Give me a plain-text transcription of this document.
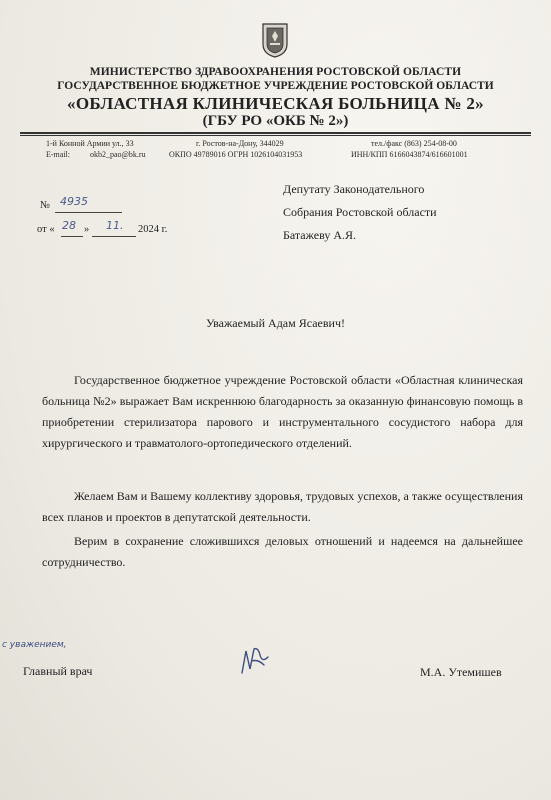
МИНИСТЕРСТВО ЗДРАВООХРАНЕНИЯ РОСТОВСКОЙ ОБЛАСТИ
ГОСУДАРСТВЕННОЕ БЮДЖЕТНОЕ УЧРЕЖДЕНИЕ РОСТОВСКОЙ ОБЛАСТИ
«ОБЛАСТНАЯ КЛИНИЧЕСКАЯ БОЛЬНИЦА № 2»
(ГБУ РО «ОКБ № 2»)
1-й Конной Армии ул., 33	г. Ростов-на-Дону, 344029	тел./факс (863) 254-08-00
E-mail:	okb2_pao@bk.ru	ОКПО 49789016 ОГРН 1026104031953	ИНН/КПП 6166043874/616601001
№ 4935
от « 28 » 11. 2024 г.
Депутату Законодательного
Собрания Ростовской области
Батажеву А.Я.
Уважаемый Адам Ясаевич!
Государственное бюджетное учреждение Ростовской области «Областная клиническая больница №2» выражает Вам искреннюю благодарность за оказанную финансовую помощь в приобретении стерилизатора парового и инструментального сосудистого набора для хирургического и травматолого-ортопедического отделений.
Желаем Вам и Вашему коллективу здоровья, трудовых успехов, а также осуществления всех планов и проектов в депутатской деятельности.
Верим в сохранение сложившихся деловых отношений и надеемся на дальнейшее сотрудничество.
с уважением,
Главный врач	М.А. Утемишев
